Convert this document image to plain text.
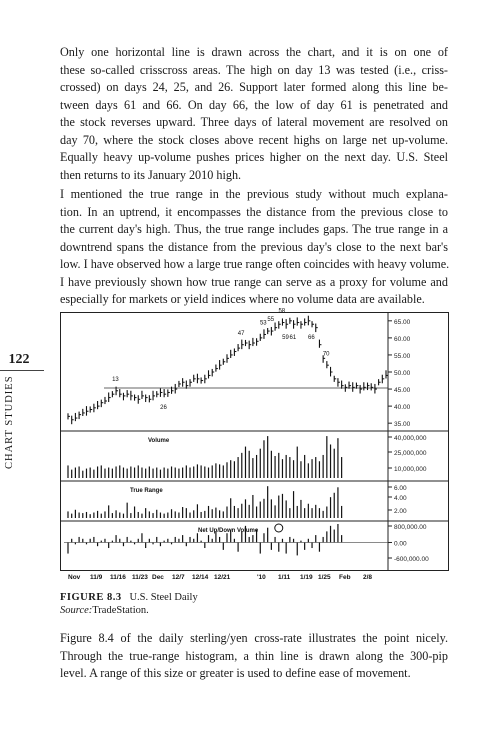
Only one horizontal line is drawn across the chart, and it is on one of
these so-called crisscross areas. The high on day 13 was tested (i.e., criss-
crossed) on days 24, 25, and 26. Support later formed along this line be-
tween days 61 and 66. On day 66, the low of day 61 is penetrated and
the stock reverses upward. Three days of lateral movement are resolved on
day 70, where the stock closes above recent highs on large net up-volume.
Equally heavy up-volume pushes prices higher on the next day. U.S. Steel
then returns to its January 2010 high.
I mentioned the true range in the previous study without much explana-
tion. In an uptrend, it encompasses the distance from the previous close to
the current day's high. Thus, the true range includes gaps. The true range in a
downtrend spans the distance from the previous day's close to the next bar's
low. I have observed how a large true range often coincides with heavy volume.
I have previously shown how true range can serve as a proxy for volume and
especially for markets or yield indices where no volume data are available.
122
CHART STUDIES
65.00
60.00
55.00
50.00
45.00
40.00
35.00
13
26
47
53
55
58
59 61 66
70
Volume	40,000,000
25,000,000
10,000,000
True Range	6.00
4.00
2.00
Net Up/Down Volume	800,000.00
0.00
-600,000.00
Nov 11/9 11/16 11/23 Dec 12/7 12/14 12/21	'10 1/11 1/19 1/25 Feb 2/8
FIGURE 8.3 U.S. Steel Daily
Source:TradeStation.
Figure 8.4 of the daily sterling/yen cross-rate illustrates the point nicely.
Through the true-range histogram, a thin line is drawn along the 300-pip
level. A range of this size or greater is used to define ease of movement.
